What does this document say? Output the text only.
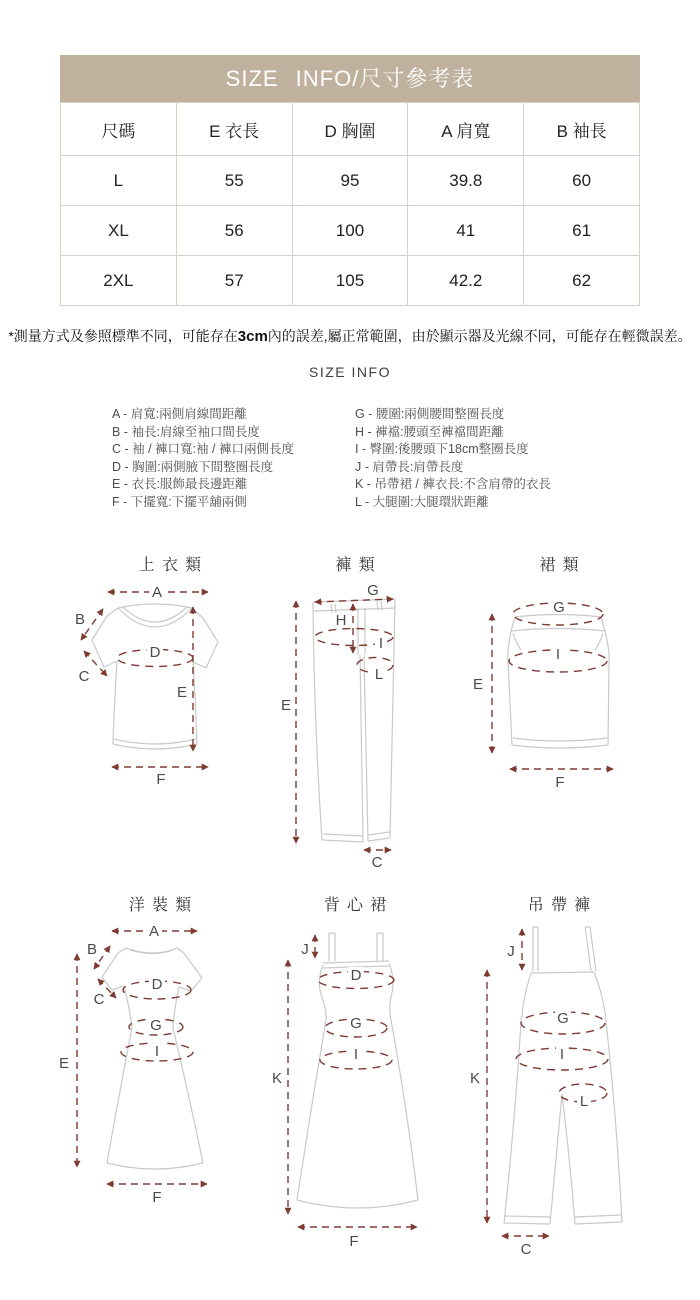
SIZE INFO/尺寸參考表
尺碼	E 衣長	D 胸圍	A 肩寬	B 袖長
L	55	95	39.8	60
XL	56	100	41	61
2XL	57	105	42.2	62
*測量方式及參照標準不同，可能存在3cm內的誤差,屬正常範圍，由於顯示器及光線不同，可能存在輕微誤差。
SIZE INFO
A - 肩寬:兩側肩線間距離
B - 袖長:肩線至袖口間長度
C - 袖 / 褲口寬:袖 / 褲口兩側長度
D - 胸圍:兩側腋下間整圈長度
E - 衣長:服飾最長邊距離
F - 下擺寬:下擺平舖兩側
G - 腰圍:兩側腰間整圈長度
H - 褲襠:腰頭至褲襠間距離
I - 臀圍:後腰頭下18cm整圈長度
J - 肩帶長:肩帶長度
K - 吊帶裙 / 褲衣長:不含肩帶的衣長
L - 大腿圍:大腿環狀距離
上衣類
A
B
C
D
E
F
褲類
G
H
I
L
E
C
裙類
G
I
E
F
洋裝類
A
B
C
D
G
I
E
F
背心裙
J
D
G
I
K
F
吊帶褲
J
G
I
L
K
C
